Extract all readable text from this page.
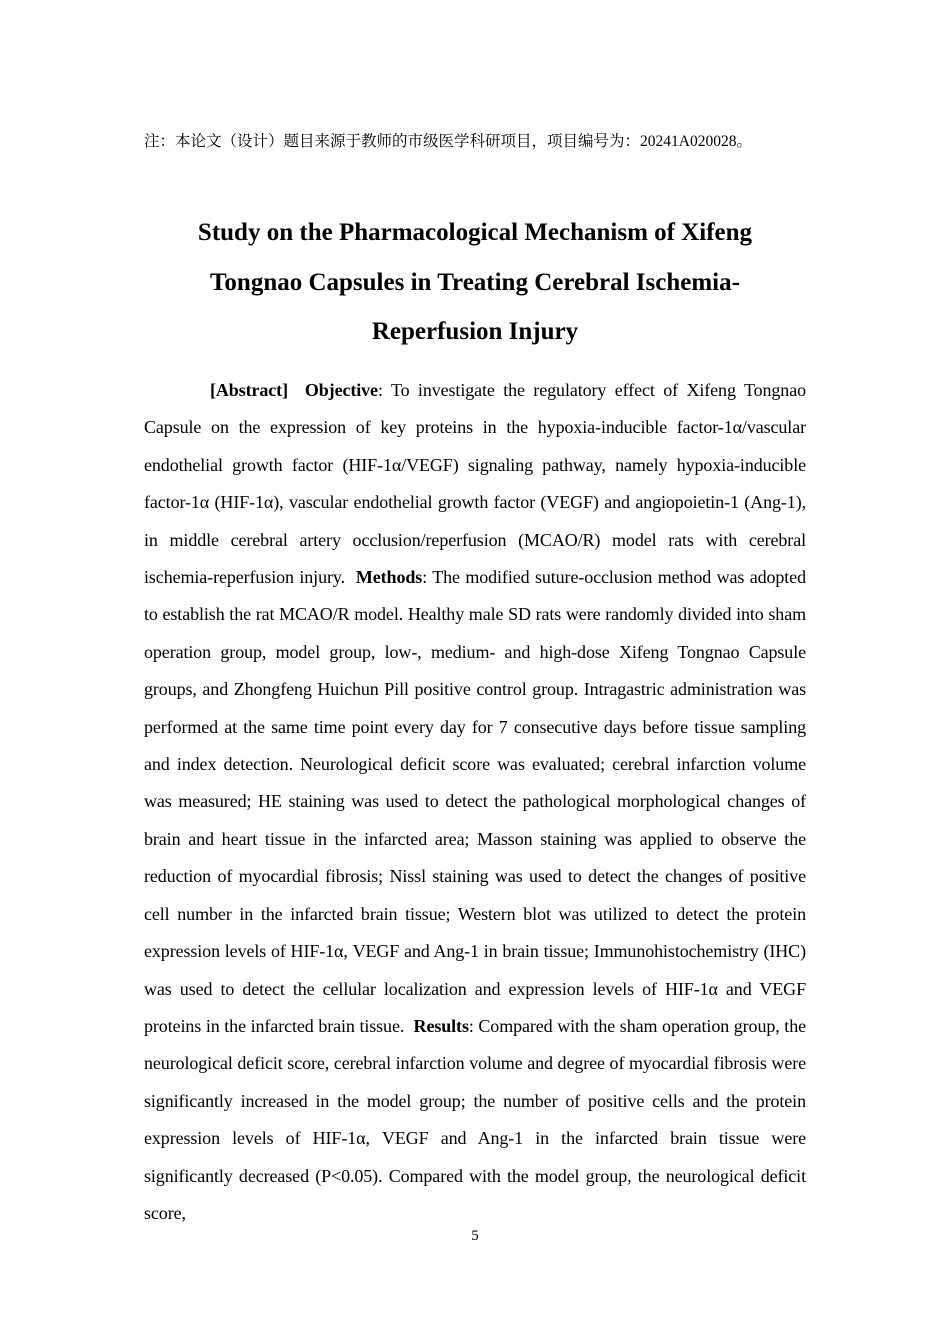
注：本论文（设计）题目来源于教师的市级医学科研项目，项目编号为：20241A020028。
Study on the Pharmacological Mechanism of Xifeng
Tongnao Capsules in Treating Cerebral Ischemia-
Reperfusion Injury

[Abstract] Objective: To investigate the regulatory effect of Xifeng Tongnao Capsule on the expression of key proteins in the hypoxia-inducible factor-1α/vascular endothelial growth factor (HIF-1α/VEGF) signaling pathway, namely hypoxia-inducible factor-1α (HIF-1α), vascular endothelial growth factor (VEGF) and angiopoietin-1 (Ang-1), in middle cerebral artery occlusion/reperfusion (MCAO/R) model rats with cerebral ischemia-reperfusion injury. Methods: The modified suture-occlusion method was adopted to establish the rat MCAO/R model. Healthy male SD rats were randomly divided into sham operation group, model group, low-, medium- and high-dose Xifeng Tongnao Capsule groups, and Zhongfeng Huichun Pill positive control group. Intragastric administration was performed at the same time point every day for 7 consecutive days before tissue sampling and index detection. Neurological deficit score was evaluated; cerebral infarction volume was measured; HE staining was used to detect the pathological morphological changes of brain and heart tissue in the infarcted area; Masson staining was applied to observe the reduction of myocardial fibrosis; Nissl staining was used to detect the changes of positive cell number in the infarcted brain tissue; Western blot was utilized to detect the protein expression levels of HIF-1α, VEGF and Ang-1 in brain tissue; Immunohistochemistry (IHC) was used to detect the cellular localization and expression levels of HIF-1α and VEGF proteins in the infarcted brain tissue. Results: Compared with the sham operation group, the neurological deficit score, cerebral infarction volume and degree of myocardial fibrosis were significantly increased in the model group; the number of positive cells and the protein expression levels of HIF-1α, VEGF and Ang-1 in the infarcted brain tissue were significantly decreased (P<0.05). Compared with the model group, the neurological deficit score,

5
